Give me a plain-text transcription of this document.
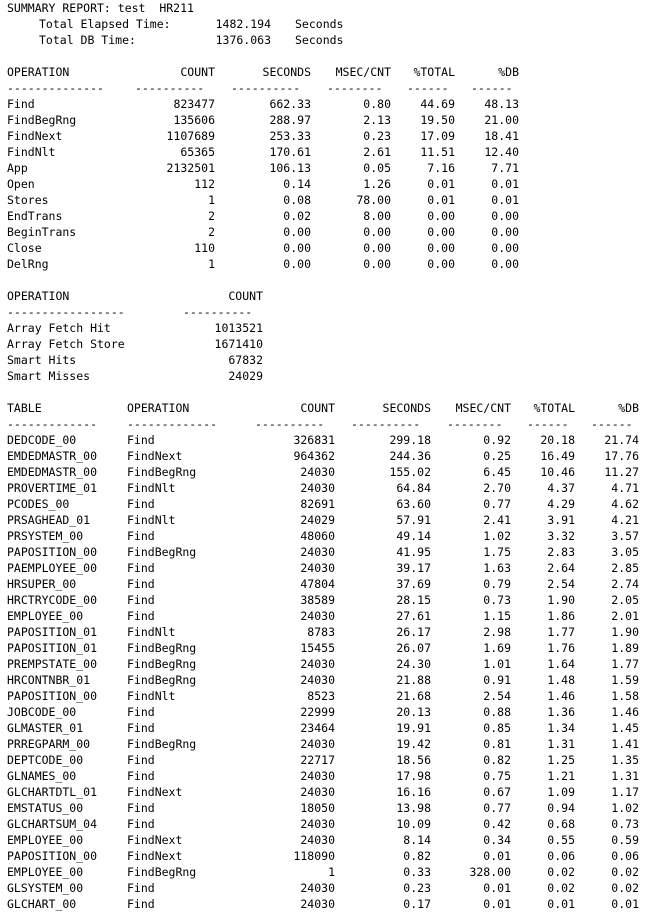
SUMMARY REPORT: test  HR211

Total Elapsed Time:

	1482.194

Seconds

Total DB Time:

	1376.063

Seconds

OPERATION	COUNT	SECONDS	MSEC/CNT	%TOTAL	%DB
--------------	---------- ---------- -------- ------ ------
Find	823477	662.33	0.80	44.69	48.13
FindBegRng	135606	288.97	2.13	19.50	21.00
FindNext	1107689	253.33	0.23	17.09	18.41
FindNlt	65365	170.61	2.61	11.51	12.40
App	2132501	106.13	0.05	7.16	7.71
Open	112	0.14	1.26	0.01	0.01
Stores	1	0.08	78.00	0.01	0.01
EndTrans	2	0.02	8.00	0.00	0.00
BeginTrans	2	0.00	0.00	0.00	0.00
Close	110	0.00	0.00	0.00	0.00
DelRng	1	0.00	0.00	0.00	0.00
OPERATION	COUNT
-----------------	----------
Array Fetch Hit	1013521
Array Fetch Store	1671410
Smart Hits	67832
Smart Misses	24029
TABLE	OPERATION	COUNT	SECONDS	MSEC/CNT	%TOTAL	%DB
-------------	-------------	---------- ---------- -------- ------ ------
DEDCODE_00	Find	326831	299.18	0.92	20.18	21.74
EMDEDMASTR_00	FindNext	964362	244.36	0.25	16.49	17.76
EMDEDMASTR_00	FindBegRng	24030	155.02	6.45	10.46	11.27
PROVERTIME_01	FindNlt	24030	64.84	2.70	4.37	4.71
PCODES_00	Find	82691	63.60	0.77	4.29	4.62
PRSAGHEAD_01	FindNlt	24029	57.91	2.41	3.91	4.21
PRSYSTEM_00	Find	48060	49.14	1.02	3.32	3.57
PAPOSITION_00	FindBegRng	24030	41.95	1.75	2.83	3.05
PAEMPLOYEE_00	Find	24030	39.17	1.63	2.64	2.85
HRSUPER_00	Find	47804	37.69	0.79	2.54	2.74
HRCTRYCODE_00	Find	38589	28.15	0.73	1.90	2.05
EMPLOYEE_00	Find	24030	27.61	1.15	1.86	2.01
PAPOSITION_01	FindNlt	8783	26.17	2.98	1.77	1.90
PAPOSITION_01	FindBegRng	15455	26.07	1.69	1.76	1.89
PREMPSTATE_00	FindBegRng	24030	24.30	1.01	1.64	1.77
HRCONTNBR_01	FindBegRng	24030	21.88	0.91	1.48	1.59
PAPOSITION_00	FindNlt	8523	21.68	2.54	1.46	1.58
JOBCODE_00	Find	22999	20.13	0.88	1.36	1.46
GLMASTER_01	Find	23464	19.91	0.85	1.34	1.45
PRREGPARM_00	FindBegRng	24030	19.42	0.81	1.31	1.41
DEPTCODE_00	Find	22717	18.56	0.82	1.25	1.35
GLNAMES_00	Find	24030	17.98	0.75	1.21	1.31
GLCHARTDTL_01	FindNext	24030	16.16	0.67	1.09	1.17
EMSTATUS_00	Find	18050	13.98	0.77	0.94	1.02
GLCHARTSUM_04	Find	24030	10.09	0.42	0.68	0.73
EMPLOYEE_00	FindNext	24030	8.14	0.34	0.55	0.59
PAPOSITION_00	FindNext	118090	0.82	0.01	0.06	0.06
EMPLOYEE_00	FindBegRng	1	0.33	328.00	0.02	0.02
GLSYSTEM_00	Find	24030	0.23	0.01	0.02	0.02
GLCHART_00	Find	24030	0.17	0.01	0.01	0.01
